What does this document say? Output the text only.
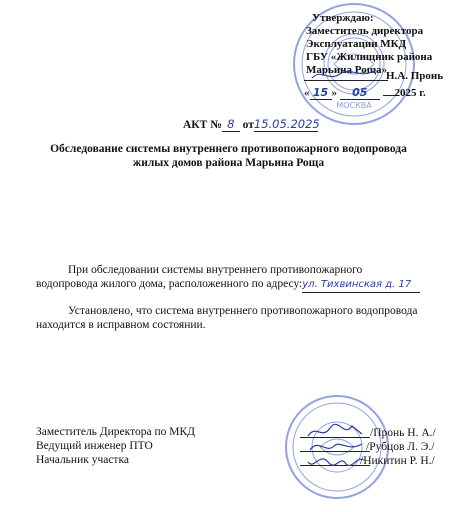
МОСКВА
Утверждаю:
Заместитель директора
Эксплуатации МКД
ГБУ «Жилищник района
Марьина Роща» Н.А. Пронь
« 15 » 05 2025 г.
АКТ № 8 от15.05.2025
Обследование системы внутреннего противопожарного водопровода
жилых домов района Марьина Роща
При обследовании системы внутреннего противопожарного
водопровода жилого дома, расположенного по адресу:ул. Тихвинская д. 17
Установлено, что система внутреннего противопожарного водопровода
находится в исправном состоянии.
Заместитель Директора по МКД
Ведущий инженер ПТО
Начальник участка
/Пронь Н. А./
/Рубцов Л. Э./
/Никитин Р. Н./
